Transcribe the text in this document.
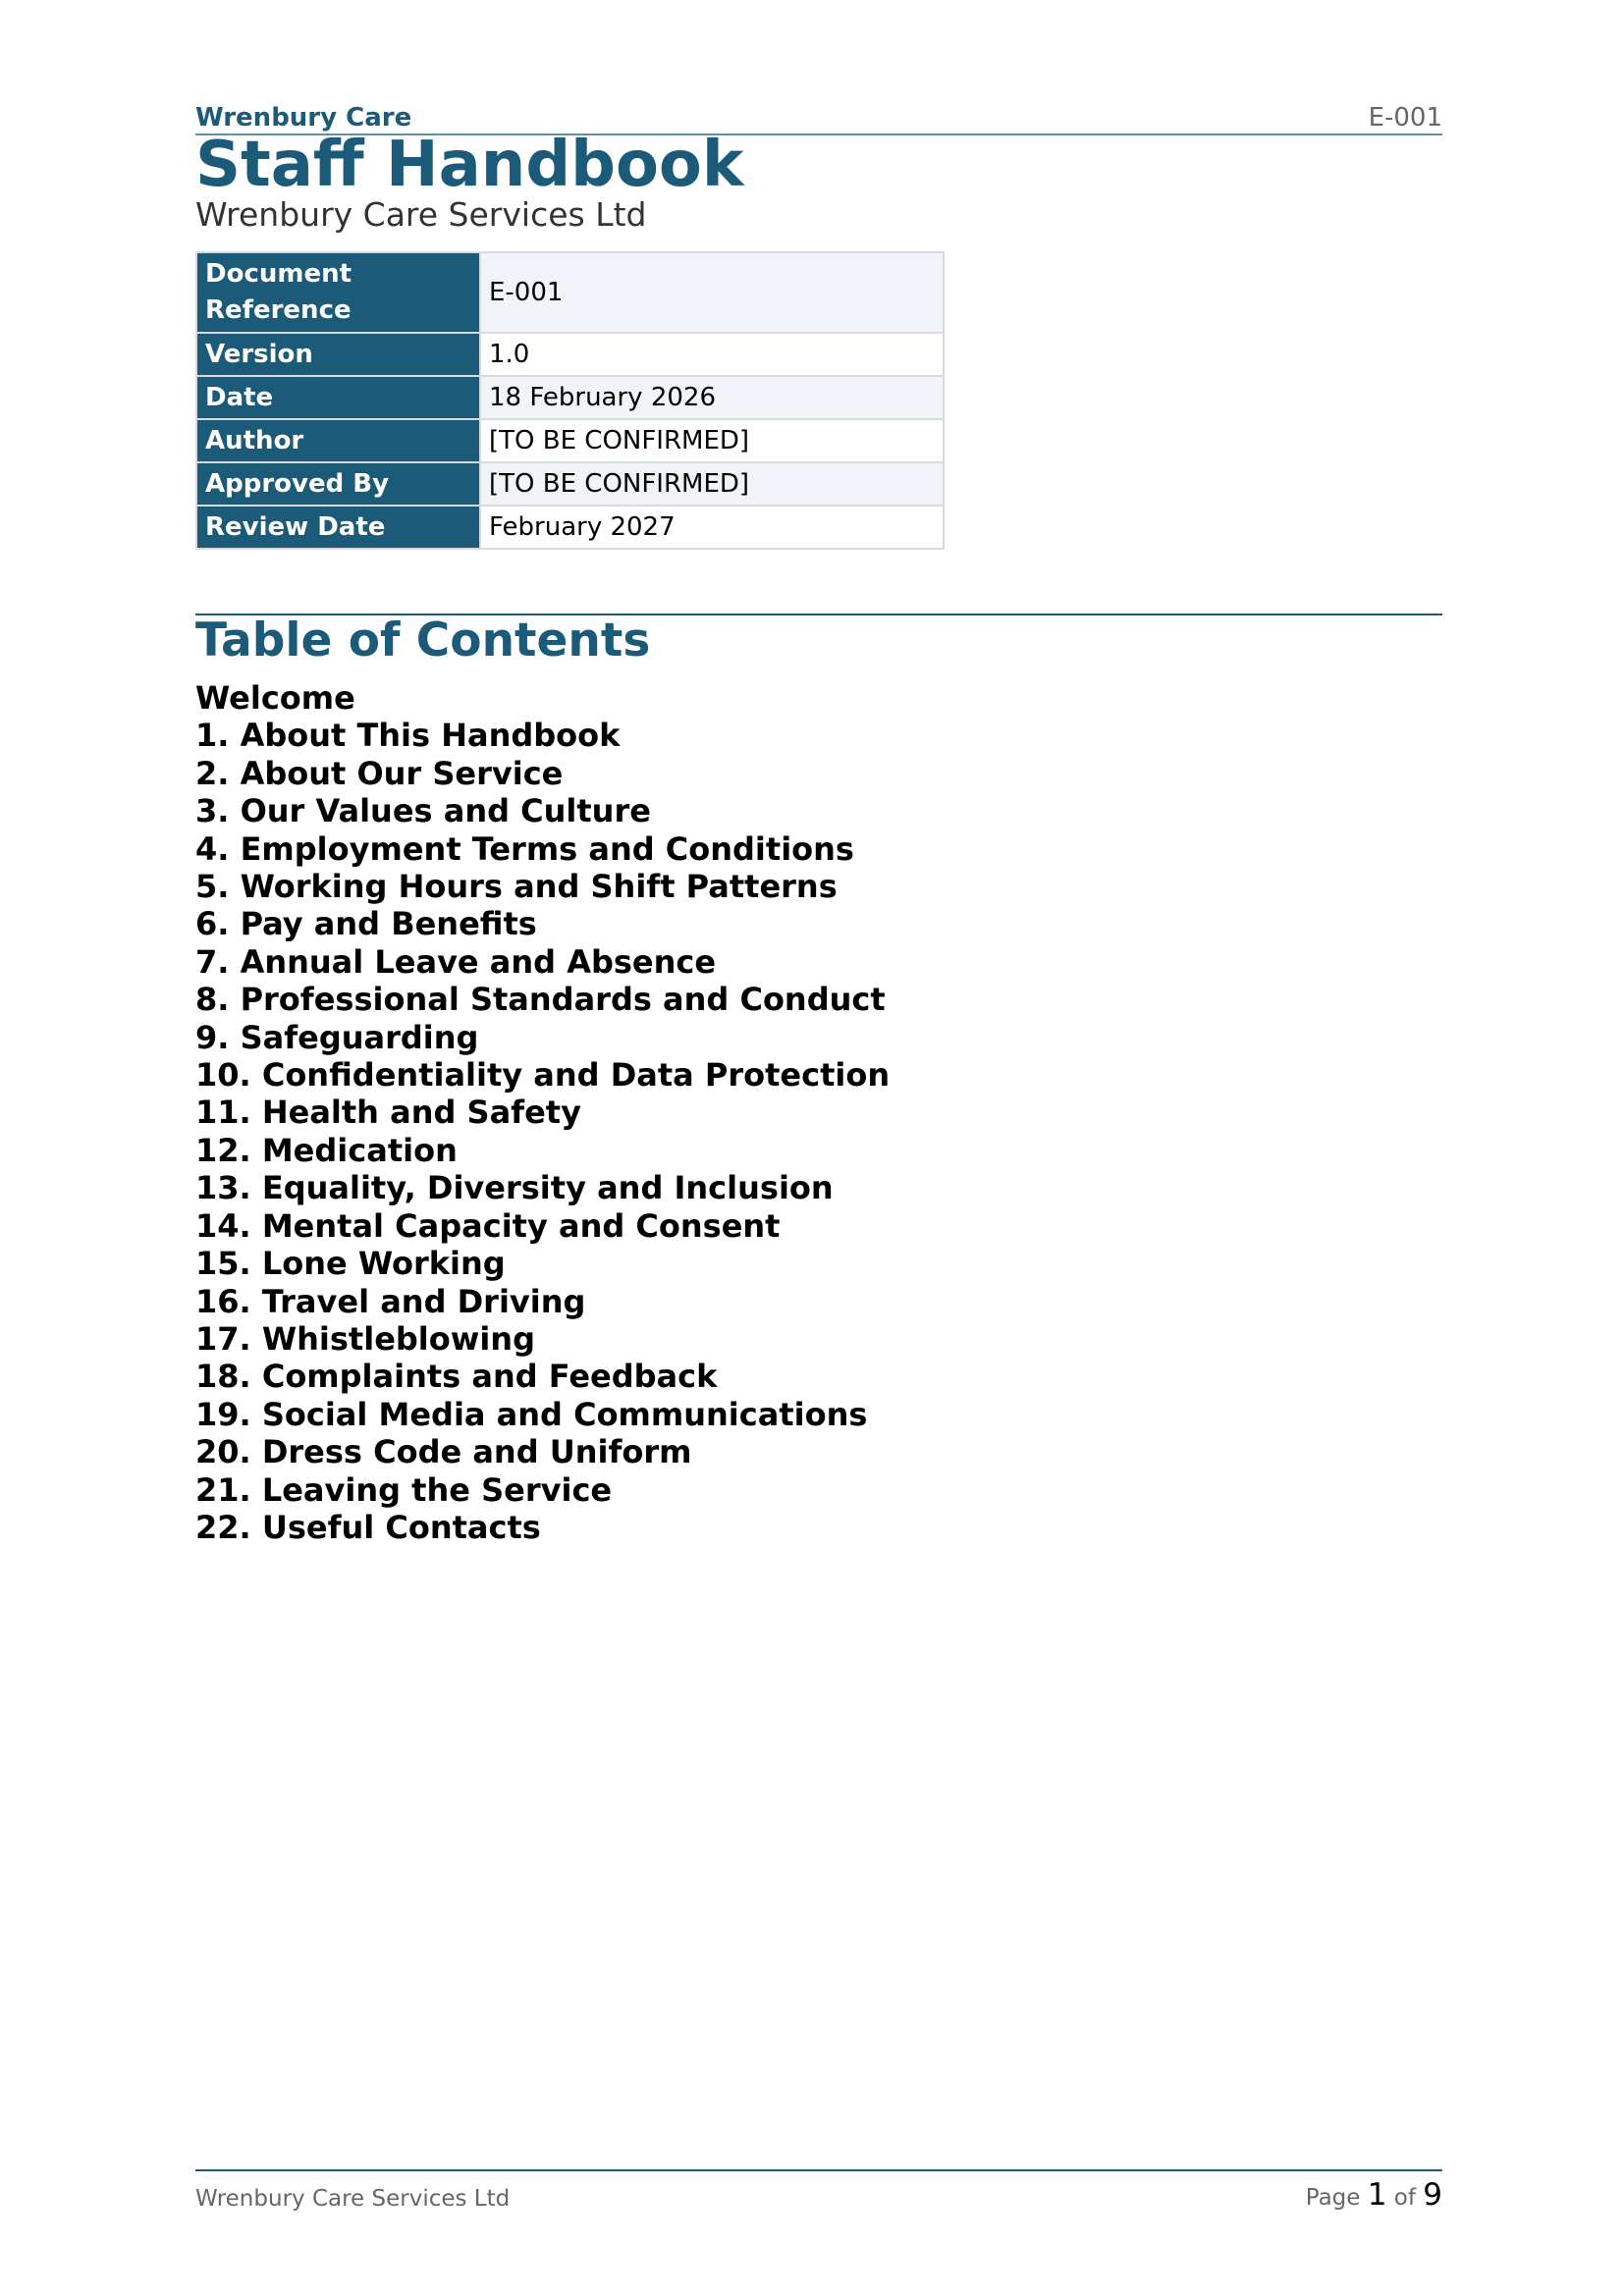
Wrenbury Care	E-001
Staff Handbook
Wrenbury Care Services Ltd
Document Reference	E-001
Version	1.0
Date	18 February 2026
Author	[TO BE CONFIRMED]
Approved By	[TO BE CONFIRMED]
Review Date	February 2027
Table of Contents
Welcome
1. About This Handbook
2. About Our Service
3. Our Values and Culture
4. Employment Terms and Conditions
5. Working Hours and Shift Patterns
6. Pay and Benefits
7. Annual Leave and Absence
8. Professional Standards and Conduct
9. Safeguarding
10. Confidentiality and Data Protection
11. Health and Safety
12. Medication
13. Equality, Diversity and Inclusion
14. Mental Capacity and Consent
15. Lone Working
16. Travel and Driving
17. Whistleblowing
18. Complaints and Feedback
19. Social Media and Communications
20. Dress Code and Uniform
21. Leaving the Service
22. Useful Contacts
Wrenbury Care Services Ltd	Page 1 of 9
